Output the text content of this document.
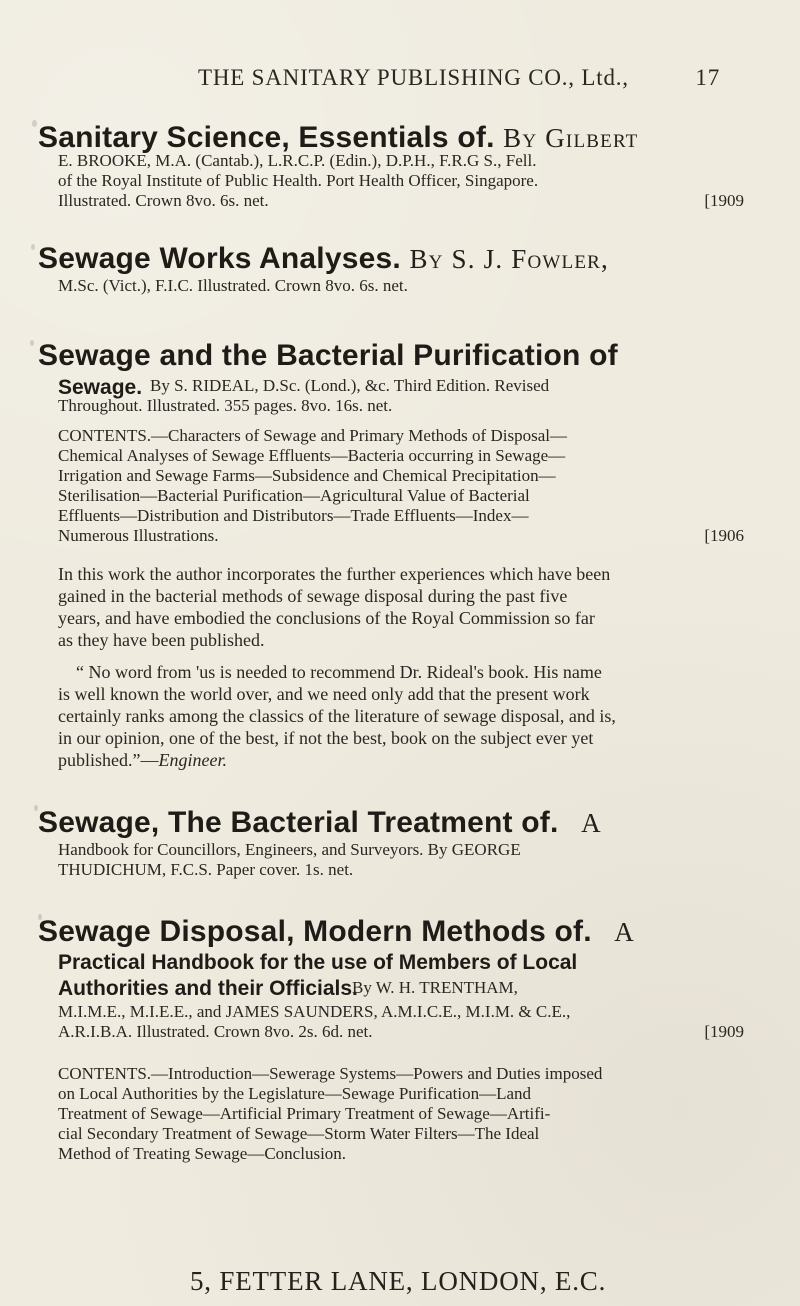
THE SANITARY PUBLISHING CO., Ltd.,	17
Sanitary Science, Essentials of. By Gilbert
E. BROOKE, M.A. (Cantab.), L.R.C.P. (Edin.), D.P.H., F.R.G S., Fell.
of the Royal Institute of Public Health. Port Health Officer, Singapore.
Illustrated. Crown 8vo. 6s. net.	[1909
Sewage Works Analyses. By S. J. Fowler,
M.Sc. (Vict.), F.I.C. Illustrated. Crown 8vo. 6s. net.
Sewage and the Bacterial Purification of
Sewage. By S. RIDEAL, D.Sc. (Lond.), &c. Third Edition. Revised
Throughout. Illustrated. 355 pages. 8vo. 16s. net.
CONTENTS.—Characters of Sewage and Primary Methods of Disposal—
Chemical Analyses of Sewage Effluents—Bacteria occurring in Sewage—
Irrigation and Sewage Farms—Subsidence and Chemical Precipitation—
Sterilisation—Bacterial Purification—Agricultural Value of Bacterial
Effluents—Distribution and Distributors—Trade Effluents—Index—
Numerous Illustrations.	[1906
In this work the author incorporates the further experiences which have been
gained in the bacterial methods of sewage disposal during the past five
years, and have embodied the conclusions of the Royal Commission so far
as they have been published.
“ No word from 'us is needed to recommend Dr. Rideal's book. His name
is well known the world over, and we need only add that the present work
certainly ranks among the classics of the literature of sewage disposal, and is,
in our opinion, one of the best, if not the best, book on the subject ever yet
published.”—Engineer.
Sewage, The Bacterial Treatment of. A
Handbook for Councillors, Engineers, and Surveyors. By GEORGE
THUDICHUM, F.C.S. Paper cover. 1s. net.
Sewage Disposal, Modern Methods of. A
Practical Handbook for the use of Members of Local
Authorities and their Officials.
By W. H. TRENTHAM,
M.I.M.E., M.I.E.E., and JAMES SAUNDERS, A.M.I.C.E., M.I.M. & C.E.,
A.R.I.B.A. Illustrated. Crown 8vo. 2s. 6d. net.	[1909
CONTENTS.—Introduction—Sewerage Systems—Powers and Duties imposed
on Local Authorities by the Legislature—Sewage Purification—Land
Treatment of Sewage—Artificial Primary Treatment of Sewage—Artifi-
cial Secondary Treatment of Sewage—Storm Water Filters—The Ideal
Method of Treating Sewage—Conclusion.
5, FETTER LANE, LONDON, E.C.
